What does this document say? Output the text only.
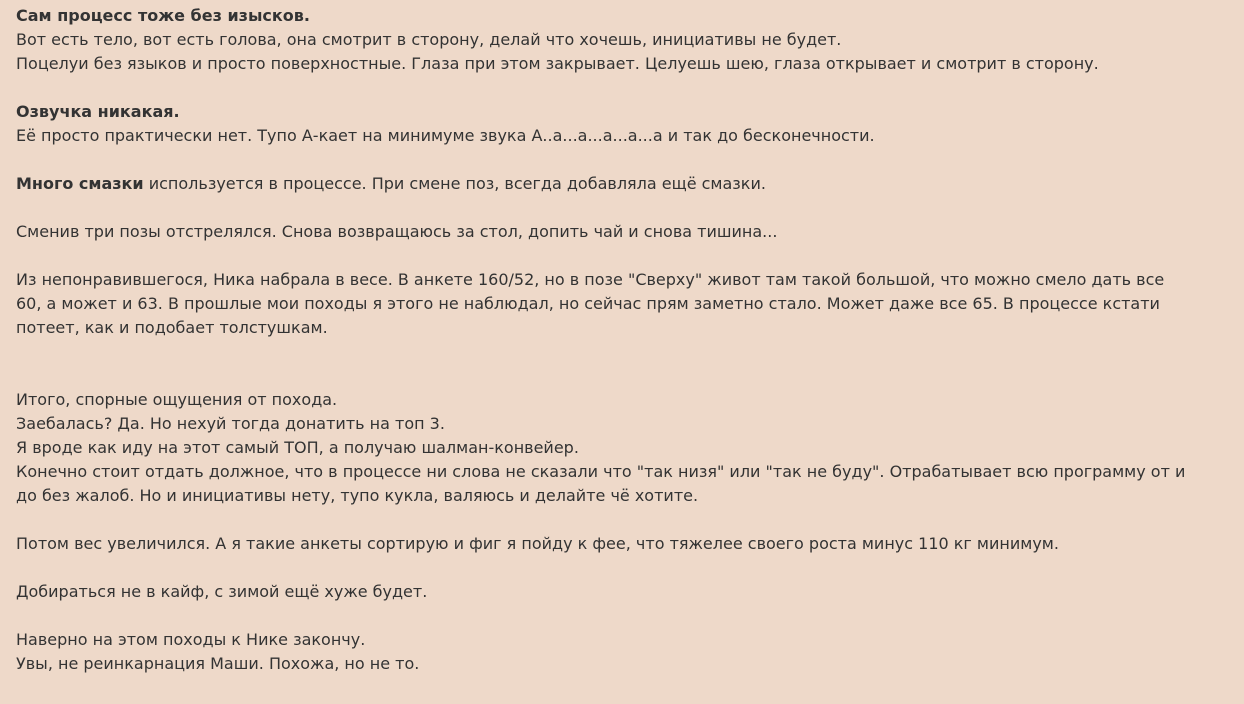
Сам процесс тоже без изысков.
Вот есть тело, вот есть голова, она смотрит в сторону, делай что хочешь, инициативы не будет.
Поцелуи без языков и просто поверхностные. Глаза при этом закрывает. Целуешь шею, глаза открывает и смотрит в сторону.
Озвучка никакая.
Её просто практически нет. Тупо А-кает на минимуме звука А..а...а...а...а...а и так до бесконечности.
Много смазки используется в процессе. При смене поз, всегда добавляла ещё смазки.
Сменив три позы отстрелялся. Снова возвращаюсь за стол, допить чай и снова тишина...
Из непонравившегося, Ника набрала в весе. В анкете 160/52, но в позе "Сверху" живот там такой большой, что можно смело дать все
60, а может и 63. В прошлые мои походы я этого не наблюдал, но сейчас прям заметно стало. Может даже все 65. В процессе кстати
потеет, как и подобает толстушкам.
Итого, спорные ощущения от похода.
Заебалась? Да. Но нехуй тогда донатить на топ 3.
Я вроде как иду на этот самый ТОП, а получаю шалман-конвейер.
Конечно стоит отдать должное, что в процессе ни слова не сказали что "так низя" или "так не буду". Отрабатывает всю программу от и
до без жалоб. Но и инициативы нету, тупо кукла, валяюсь и делайте чё хотите.
Потом вес увеличился. А я такие анкеты сортирую и фиг я пойду к фее, что тяжелее своего роста минус 110 кг минимум.
Добираться не в кайф, с зимой ещё хуже будет.
Наверно на этом походы к Нике закончу.
Увы, не реинкарнация Маши. Похожа, но не то.
